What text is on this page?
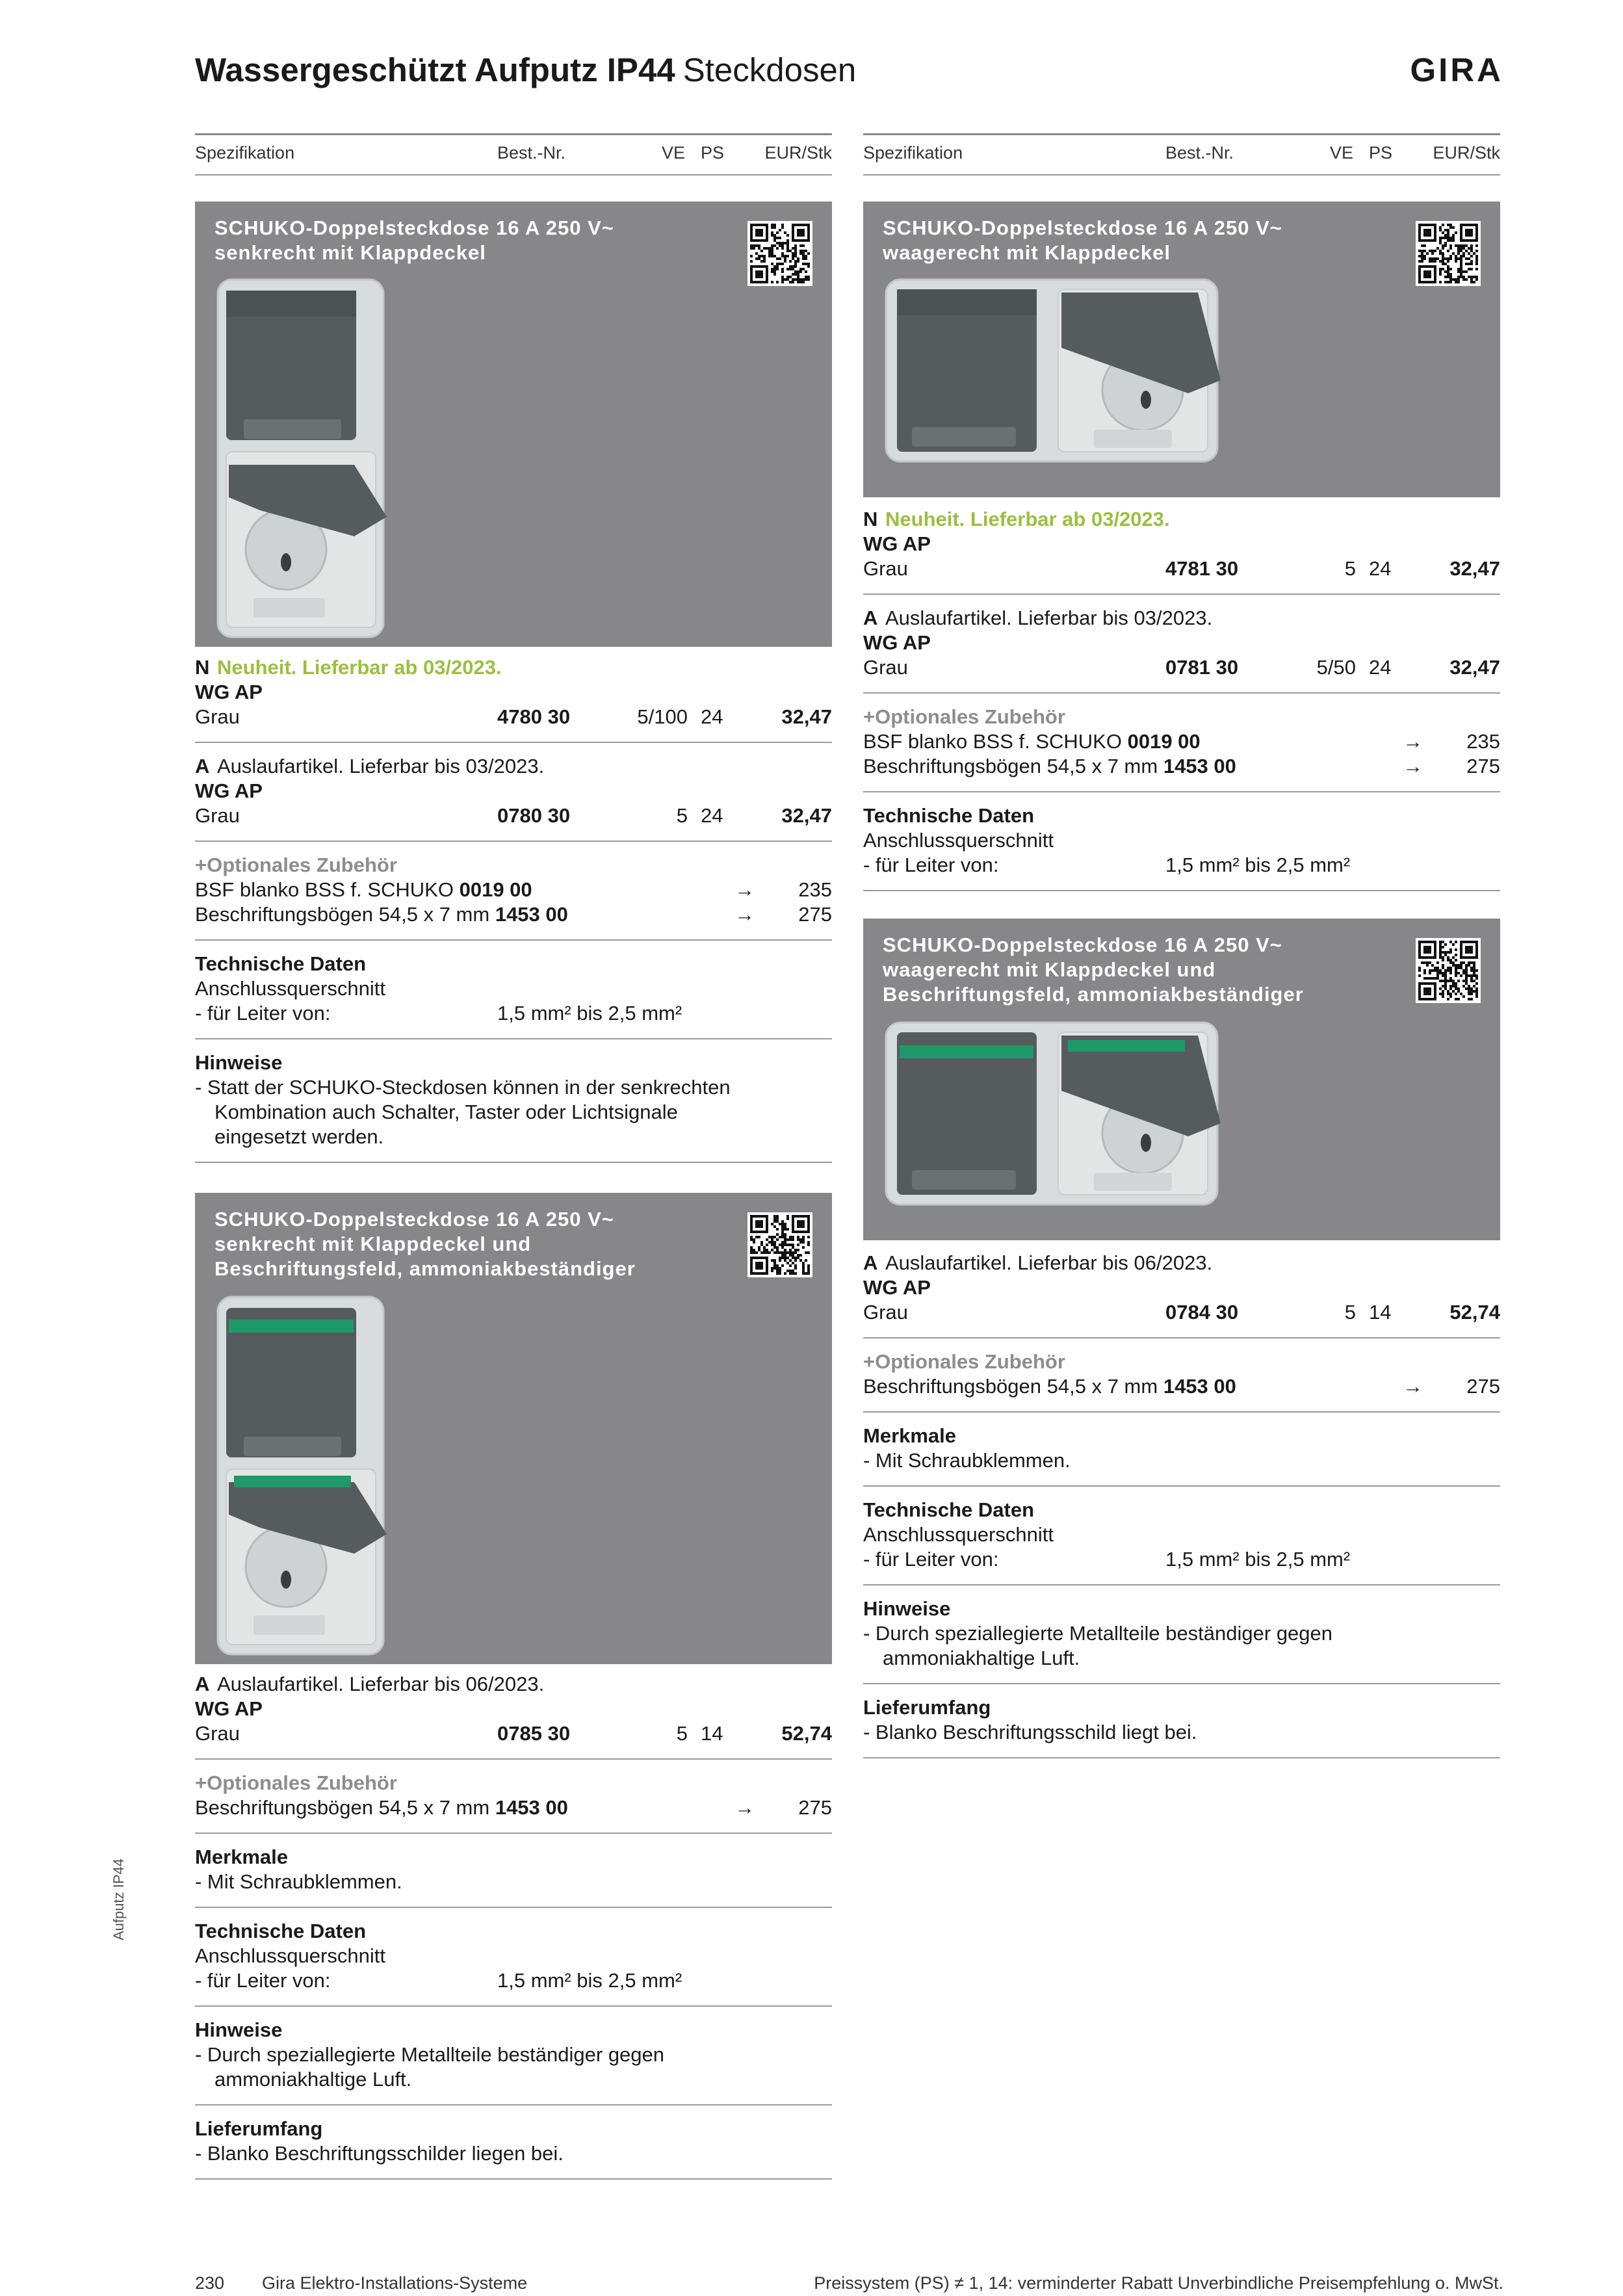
Wassergeschützt Aufputz IP44 Steckdosen	GIRA
Spezifikation	Best.-Nr.	VE PS EUR/Stk Spezifikation	Best.-Nr.	VE PS EUR/Stk
SCHUKO-Doppelsteckdose 16 A 250 V~
senkrecht mit Klappdeckel
N Neuheit. Lieferbar ab 03/2023.
WG AP
Grau	4780 30	5/100 24	32,47
A Auslaufartikel. Lieferbar bis 03/2023.
WG AP
Grau	0780 30	5 24	32,47
+Optionales Zubehör
BSF blanko BSS f. SCHUKO 0019 00	→ 235
Beschriftungsbögen 54,5 x 7 mm 1453 00	→ 275
Technische Daten
Anschlussquerschnitt
- für Leiter von:	1,5 mm² bis 2,5 mm²
Hinweise
- Statt der SCHUKO-Steckdosen können in der senkrechten
Kombination auch Schalter, Taster oder Lichtsignale
eingesetzt werden.
SCHUKO-Doppelsteckdose 16 A 250 V~
senkrecht mit Klappdeckel und
Beschriftungsfeld, ammoniakbeständiger
A Auslaufartikel. Lieferbar bis 06/2023.
WG AP
Grau	0785 30	5 14	52,74
+Optionales Zubehör
Beschriftungsbögen 54,5 x 7 mm 1453 00	→ 275
Merkmale
- Mit Schraubklemmen.
Technische Daten
Anschlussquerschnitt
- für Leiter von:	1,5 mm² bis 2,5 mm²
Hinweise
- Durch speziallegierte Metallteile beständiger gegen
ammoniakhaltige Luft.
Lieferumfang
- Blanko Beschriftungsschilder liegen bei.
SCHUKO-Doppelsteckdose 16 A 250 V~
waagerecht mit Klappdeckel
N Neuheit. Lieferbar ab 03/2023.
WG AP
Grau	4781 30	5 24	32,47
A Auslaufartikel. Lieferbar bis 03/2023.
WG AP
Grau	0781 30	5/50 24	32,47
+Optionales Zubehör
BSF blanko BSS f. SCHUKO 0019 00	→ 235
Beschriftungsbögen 54,5 x 7 mm 1453 00	→ 275
Technische Daten
Anschlussquerschnitt
- für Leiter von:	1,5 mm² bis 2,5 mm²
SCHUKO-Doppelsteckdose 16 A 250 V~
waagerecht mit Klappdeckel und
Beschriftungsfeld, ammoniakbeständiger
A Auslaufartikel. Lieferbar bis 06/2023.
WG AP
Grau	0784 30	5 14	52,74
+Optionales Zubehör
Beschriftungsbögen 54,5 x 7 mm 1453 00	→ 275
Merkmale
- Mit Schraubklemmen.
Technische Daten
Anschlussquerschnitt
- für Leiter von:	1,5 mm² bis 2,5 mm²
Hinweise
- Durch speziallegierte Metallteile beständiger gegen
ammoniakhaltige Luft.
Lieferumfang
- Blanko Beschriftungsschild liegt bei.
Aufputz IP44
230 Gira Elektro-Installations-Systeme	Preissystem (PS) ≠ 1, 14: verminderter Rabatt Unverbindliche Preisempfehlung o. MwSt.
